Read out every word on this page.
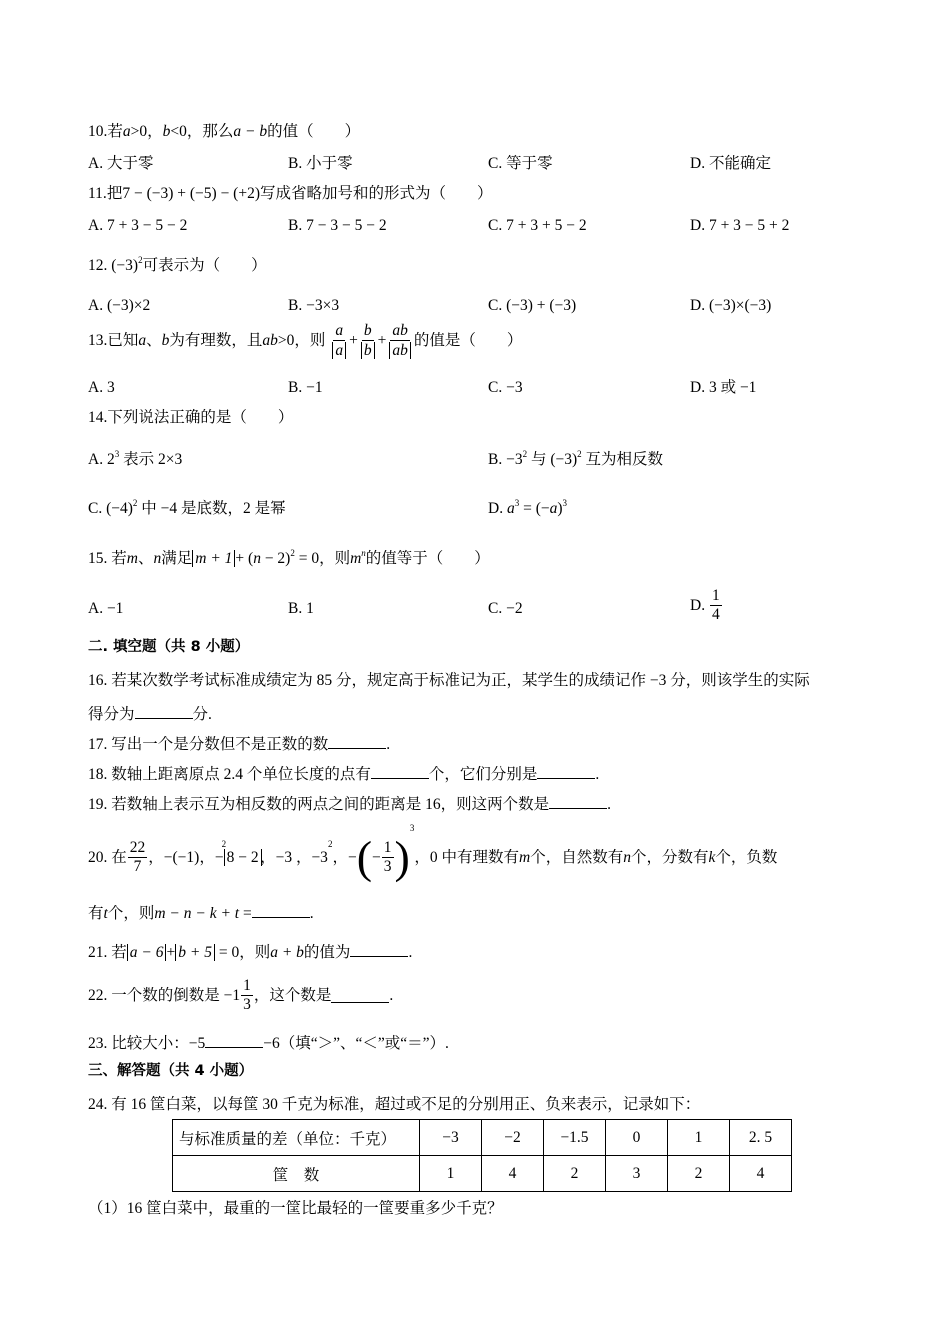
10.若a>0，b<0，那么a − b的值（　　）
A. 大于零	B. 小于零	C. 等于零	D. 不能确定
11.把7 − (−3) + (−5) − (+2)写成省略加号和的形式为（　　）
A. 7 + 3 − 5 − 2	B. 7 − 3 − 5 − 2	C. 7 + 3 + 5 − 2	D. 7 + 3 − 5 + 2
12. $(-3)^2$可表示为（　　）
A. (−3)×2	B. −3×3	C. (−3) + (−3)	D. (−3)×(−3)
13.已知a、b为有理数，且ab>0，则 $\frac{a}{a} + \frac{b}{b} + \frac{ab}{ab}$ 的值是（　　）
A. 3	B. −1	C. −3	D. 3 或 −1
14.下列说法正确的是（　　）
A. $2^3$ 表示 2×3	B. $-3^2$ 与 $(-3)^2$ 互为相反数
C. $(-4)^2$ 中 −4 是底数，2 是幂	D. $a^3 = (-a)^3$
15. 若m、n满足 $m + 1 + (n - 2)^2 = 0$，则$m^n$的值等于（　　）
A. −1	B. 1	C. −2	D. $\frac{1}{4}$
二. 填空题（共 8 小题）
16. 若某次数学考试标准成绩定为 85 分，规定高于标准记为正，某学生的成绩记作 −3 分，则该学生的实际
得分为	分.
17. 写出一个是分数但不是正数的数	.
18. 数轴上距离原点 2.4 个单位长度的点有	个，它们分别是	.
19. 若数轴上表示互为相反数的两点之间的距离是 16，则这两个数是	.
20. 在 $\frac{22}{7}$ ，−(−1)，− $8 - 2^2$，−3 ，$-3^2$，−(− $\frac{1}{3} )^3$，0 中有理数有m个，自然数有n个，分数有k个，负数
有t个，则m − n − k + t =	.
21. 若 a − 6 + b + 5 = 0，则a + b的值为	.
22. 一个数的倒数是 $-1 \frac{1}{3}$ ，这个数是	.
23. 比较大小：−5	−6（填“＞”、“＜”或“＝”）.
三、解答题（共 4 小题）
24. 有 16 筐白菜，以每筐 30 千克为标准，超过或不足的分别用正、负来表示，记录如下：
与标准质量的差（单位：千克）	−3	−2	−1.5	0	1	2. 5
筐　数	1	4	2	3	2	4
（1）16 筐白菜中，最重的一筐比最轻的一筐要重多少千克？
